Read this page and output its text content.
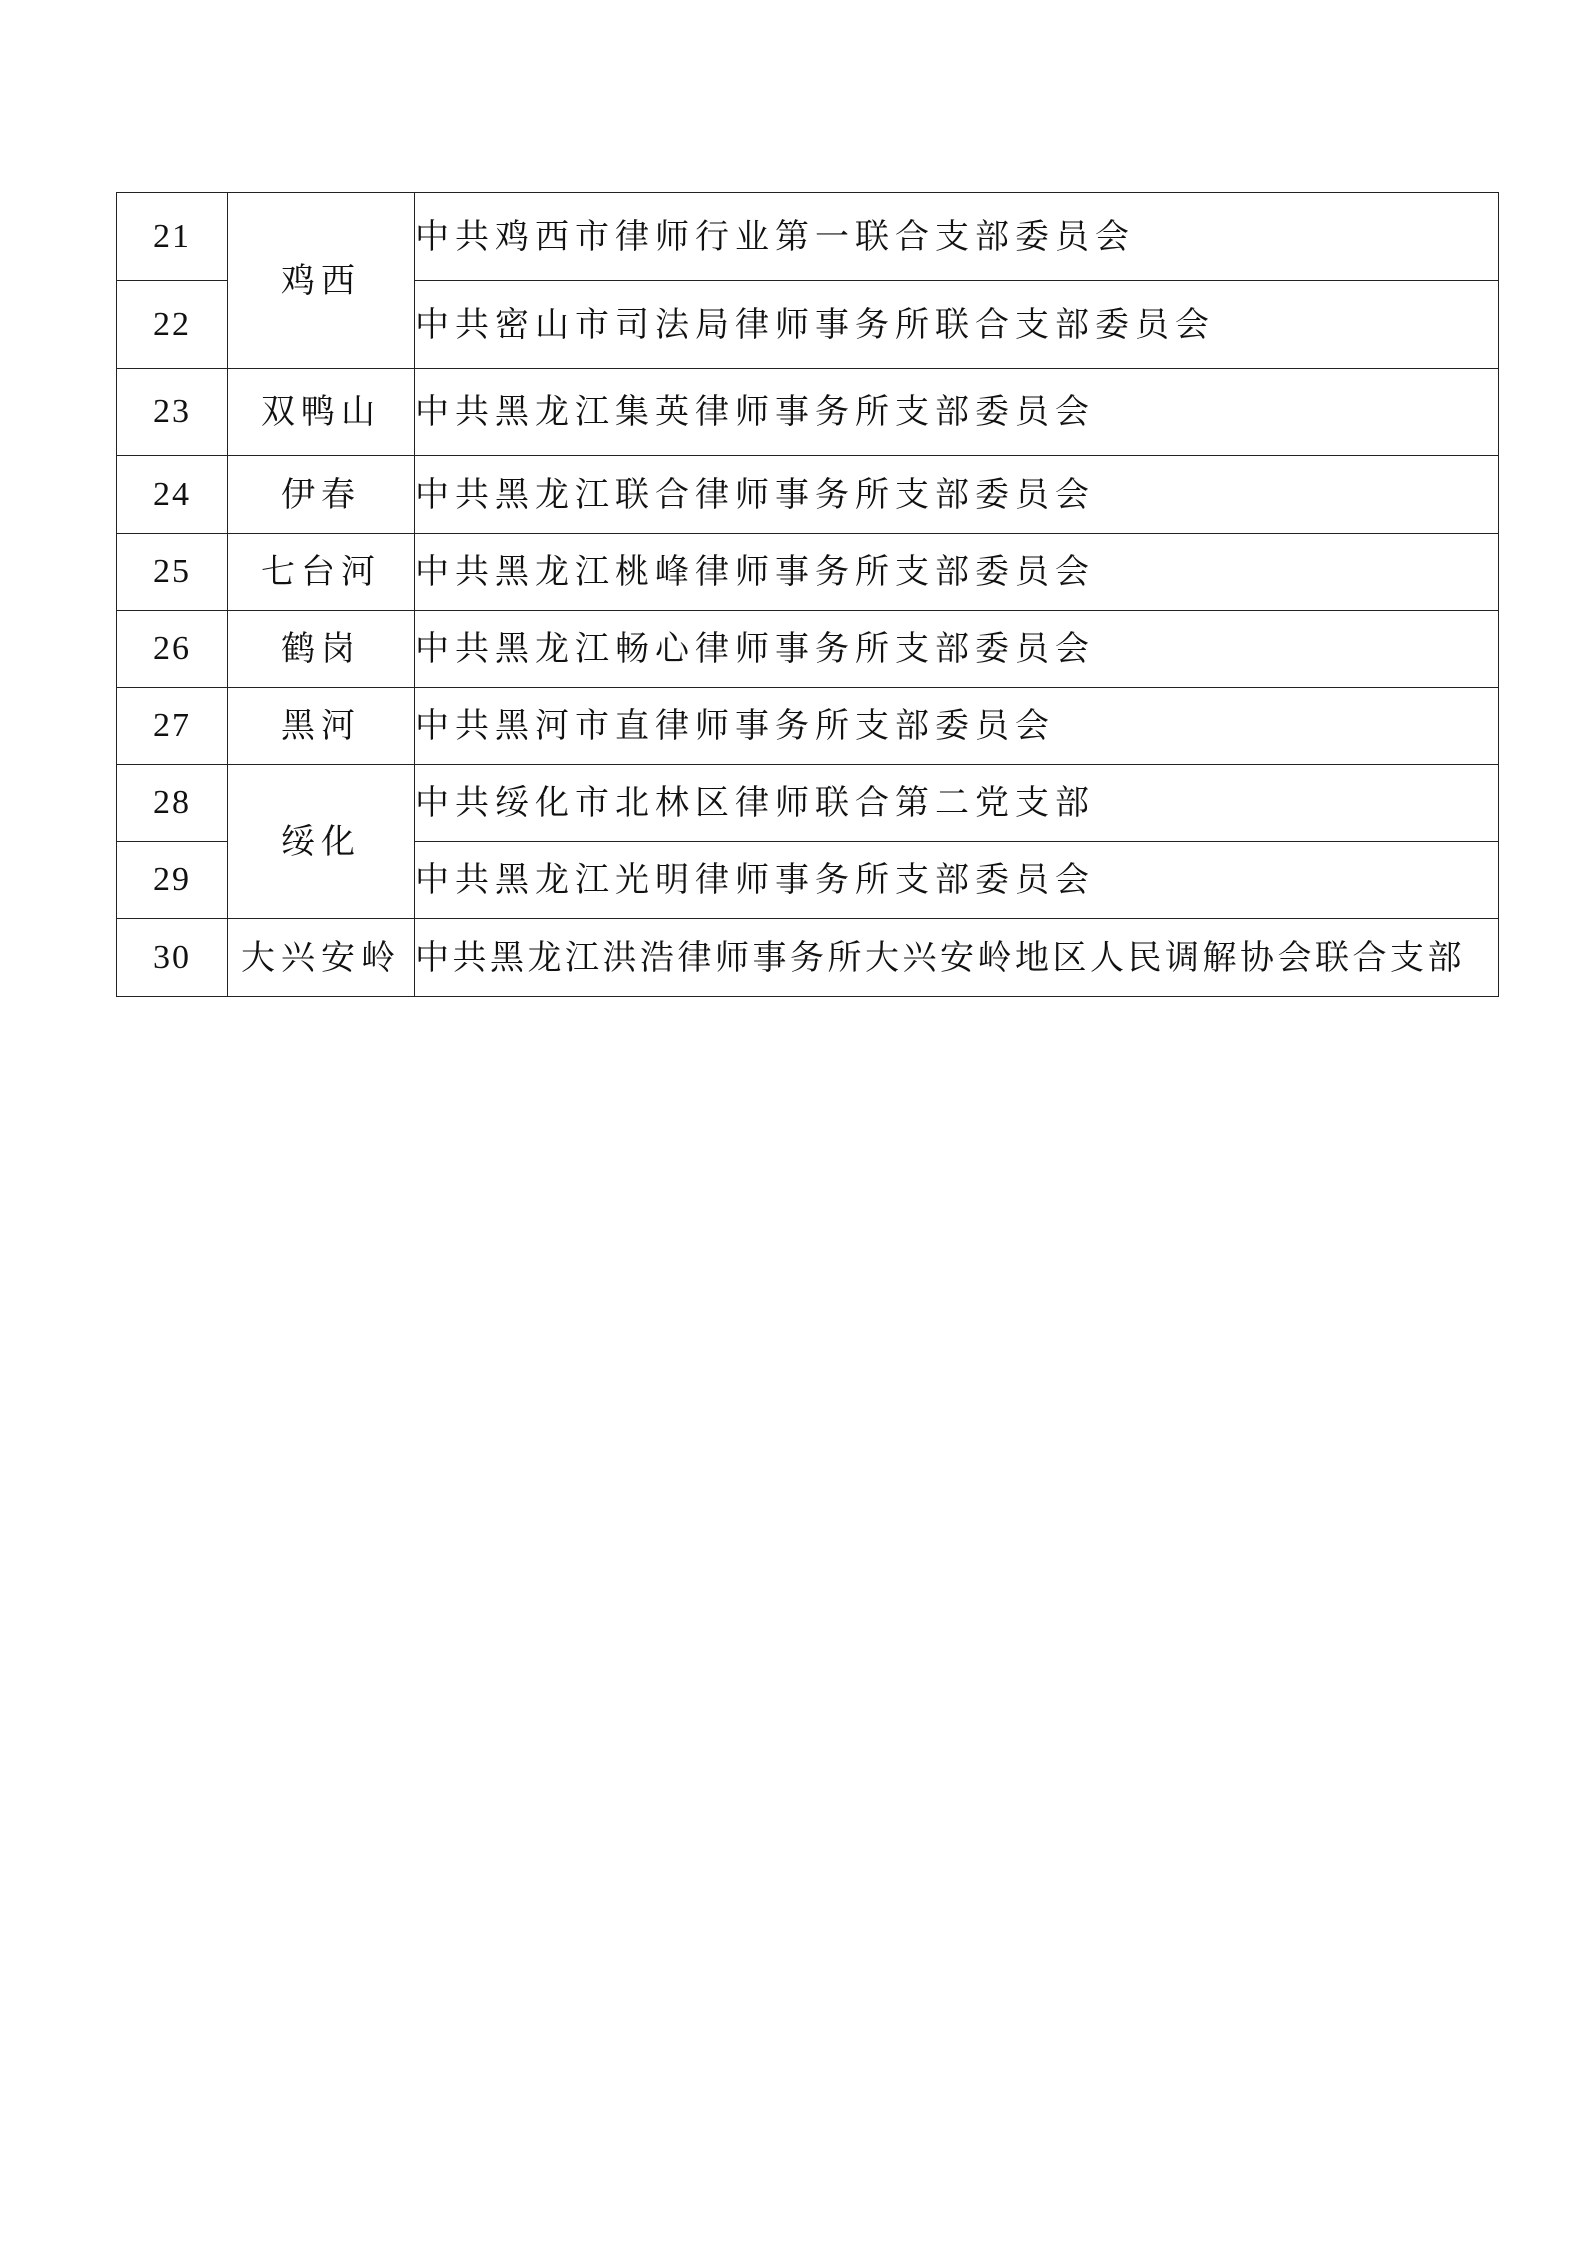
21	鸡西	中共鸡西市律师行业第一联合支部委员会
22		中共密山市司法局律师事务所联合支部委员会
23	双鸭山	中共黑龙江集英律师事务所支部委员会
24	伊春	中共黑龙江联合律师事务所支部委员会
25	七台河	中共黑龙江桃峰律师事务所支部委员会
26	鹤岗	中共黑龙江畅心律师事务所支部委员会
27	黑河	中共黑河市直律师事务所支部委员会
28	绥化	中共绥化市北林区律师联合第二党支部
29		中共黑龙江光明律师事务所支部委员会
30	大兴安岭	中共黑龙江洪浩律师事务所大兴安岭地区人民调解协会联合支部
